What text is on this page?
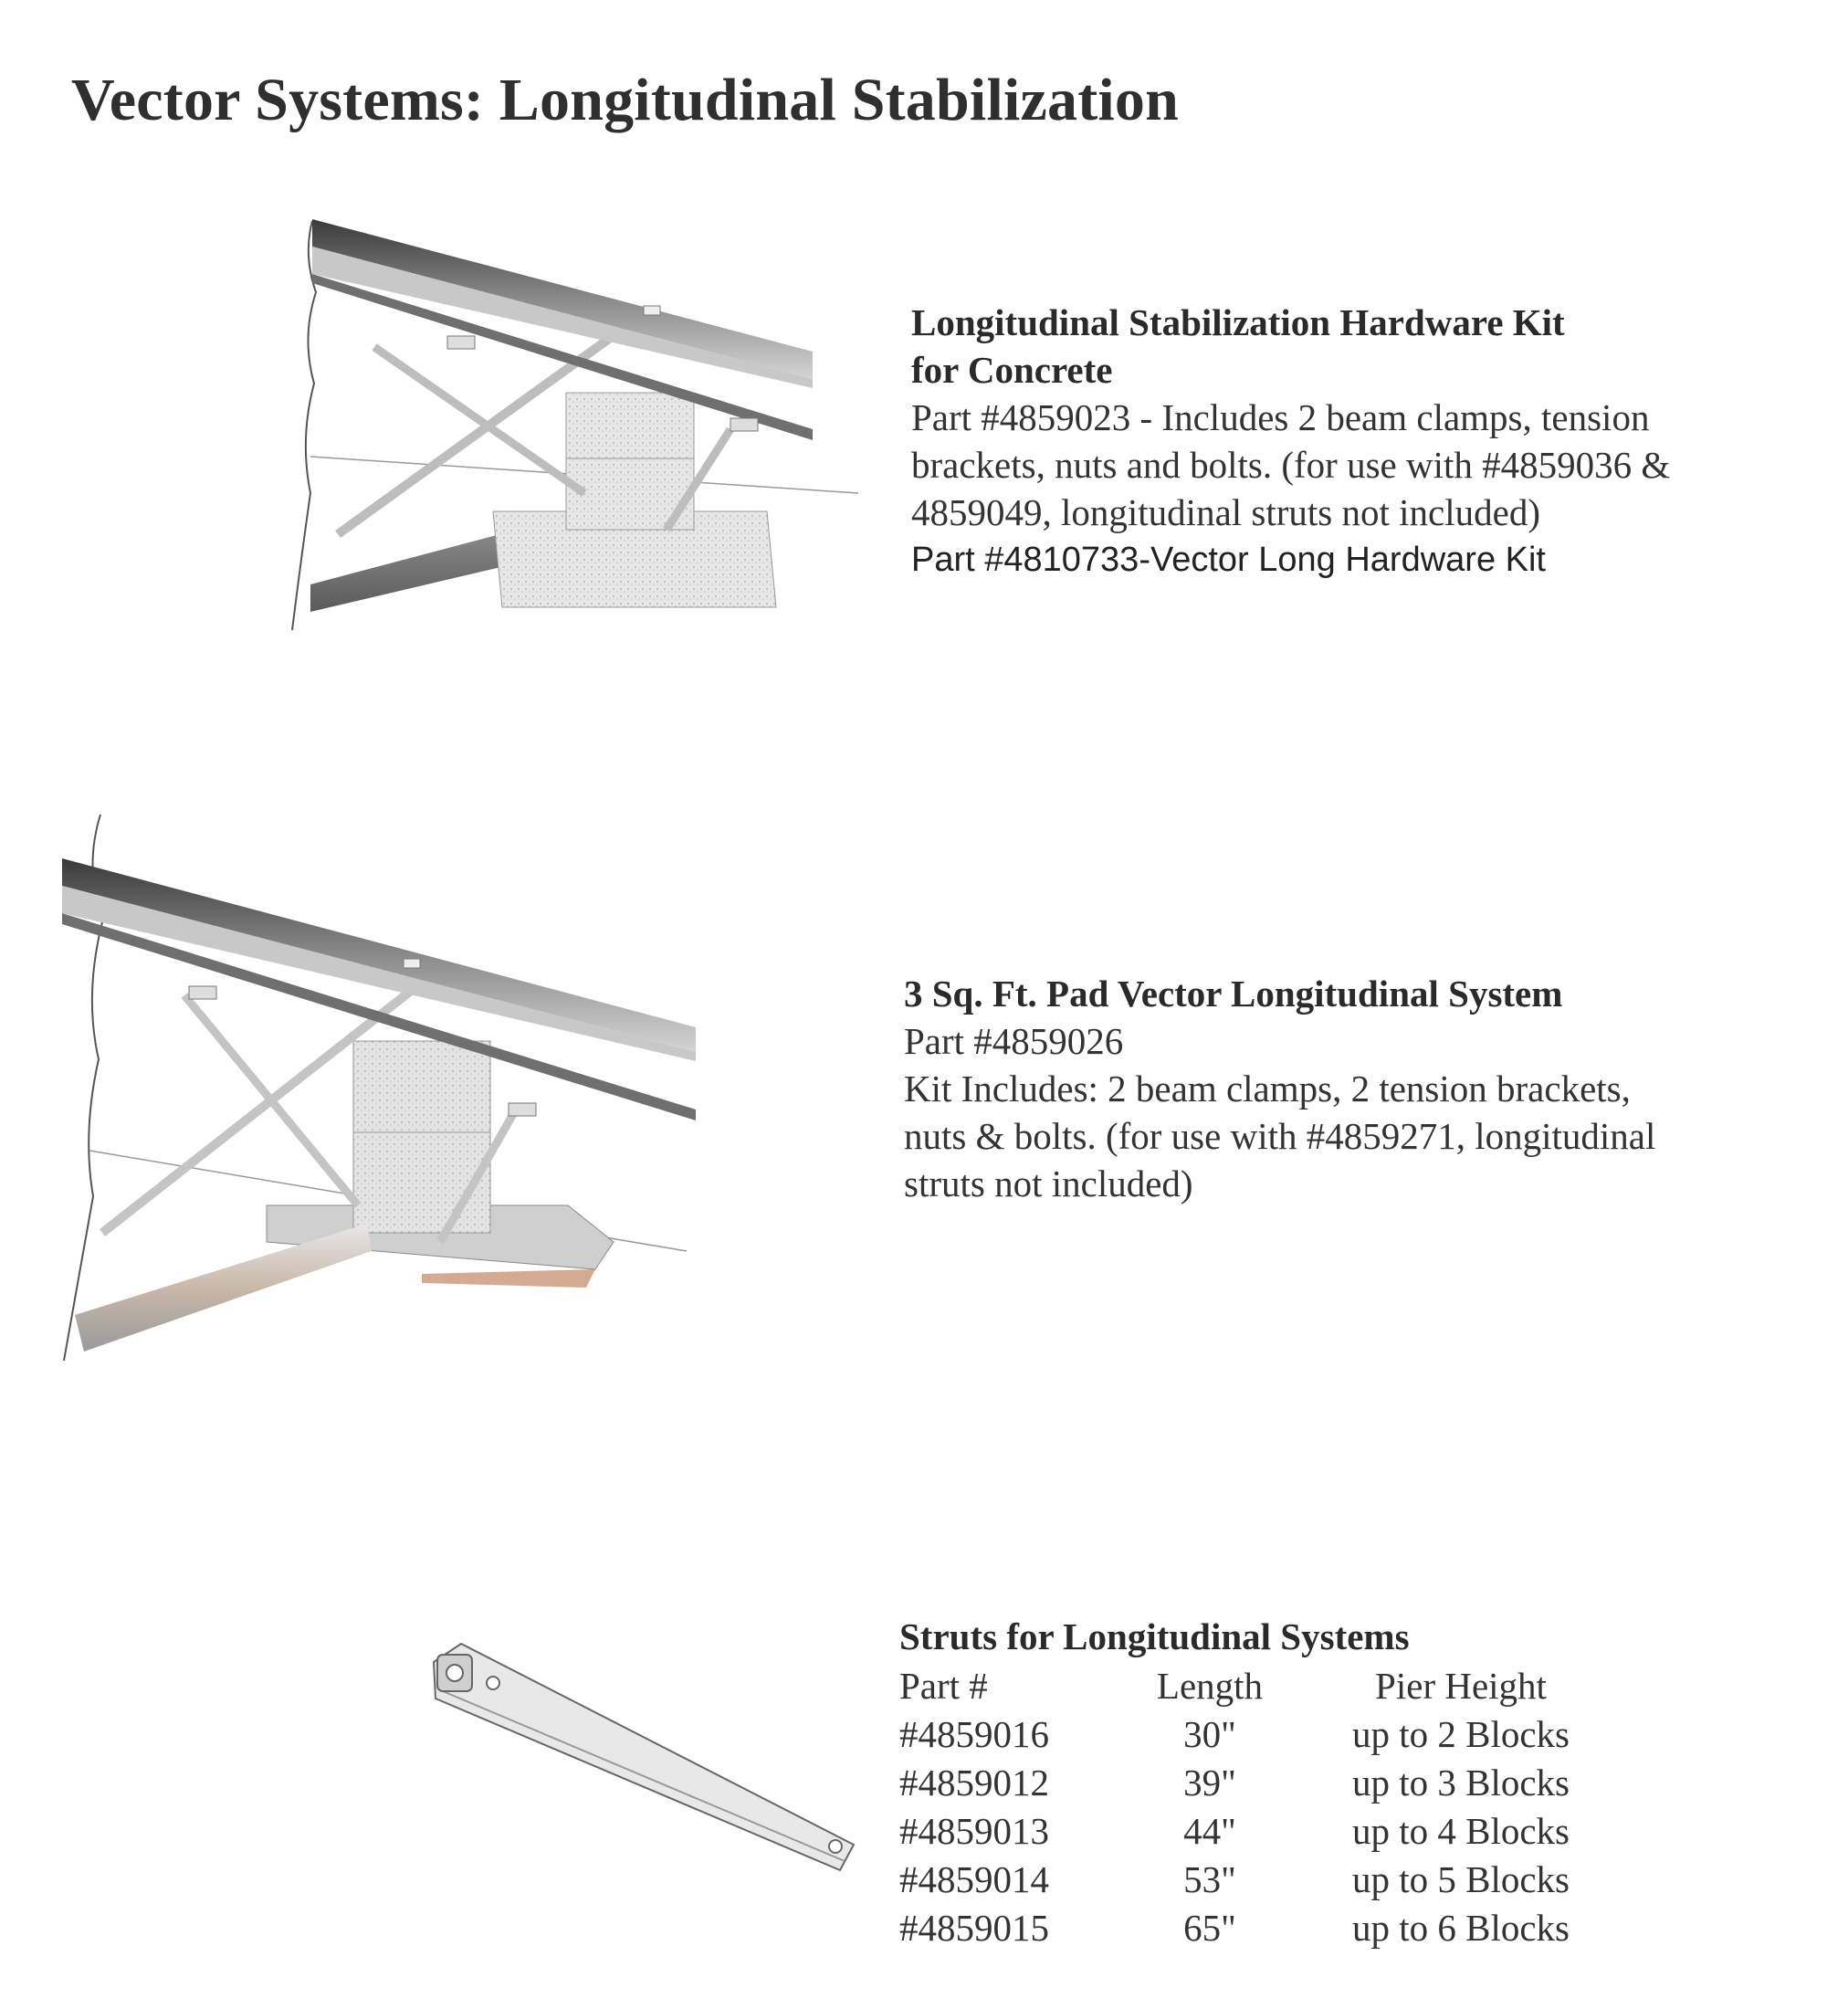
Vector Systems: Longitudinal Stabilization
Longitudinal Stabilization Hardware Kit
for Concrete
Part #4859023 - Includes 2 beam clamps, tension
brackets, nuts and bolts. (for use with #4859036 &
4859049, longitudinal struts not included)
Part #4810733-Vector Long Hardware Kit
3 Sq. Ft. Pad Vector Longitudinal System
Part #4859026
Kit Includes: 2 beam clamps, 2 tension brackets,
nuts & bolts. (for use with #4859271, longitudinal
struts not included)
Struts for Longitudinal Systems
Part #	Length	Pier Height
#4859016	30"	up to 2 Blocks
#4859012	39"	up to 3 Blocks
#4859013	44"	up to 4 Blocks
#4859014	53"	up to 5 Blocks
#4859015	65"	up to 6 Blocks
